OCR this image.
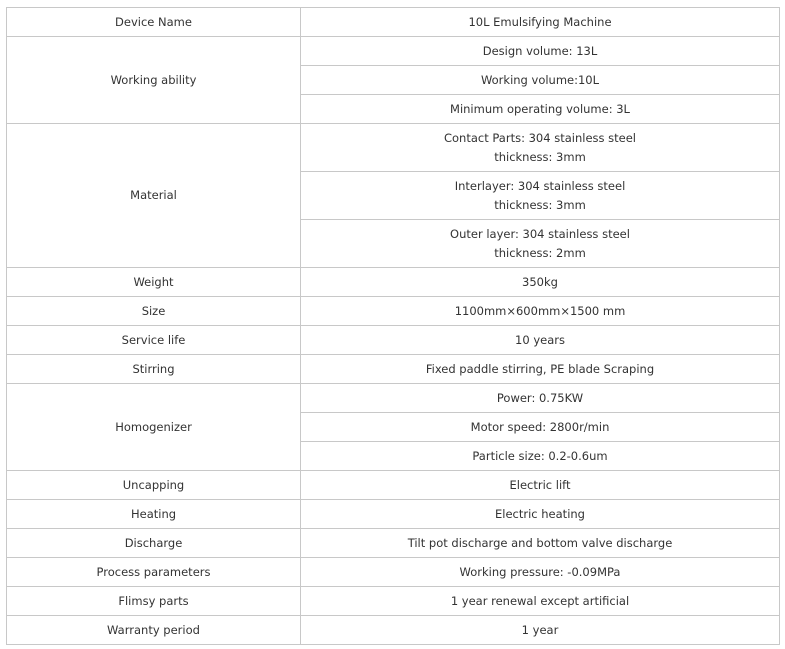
Device Name	10L Emulsifying Machine
Working ability	Design volume: 13L
	Working volume:10L
	Minimum operating volume: 3L
Material	Contact Parts: 304 stainless steel
thickness: 3mm

	Interlayer: 304 stainless steel
thickness: 3mm

	Outer layer: 304 stainless steel
thickness: 2mm

Weight	350kg
Size	1100mm×600mm×1500 mm
Service life	10 years
Stirring	Fixed paddle stirring, PE blade Scraping
Homogenizer	Power: 0.75KW
	Motor speed: 2800r/min
	Particle size: 0.2-0.6um
Uncapping	Electric lift
Heating	Electric heating
Discharge	Tilt pot discharge and bottom valve discharge
Process parameters	Working pressure: -0.09MPa
Flimsy parts	1 year renewal except artificial
Warranty period	1 year
